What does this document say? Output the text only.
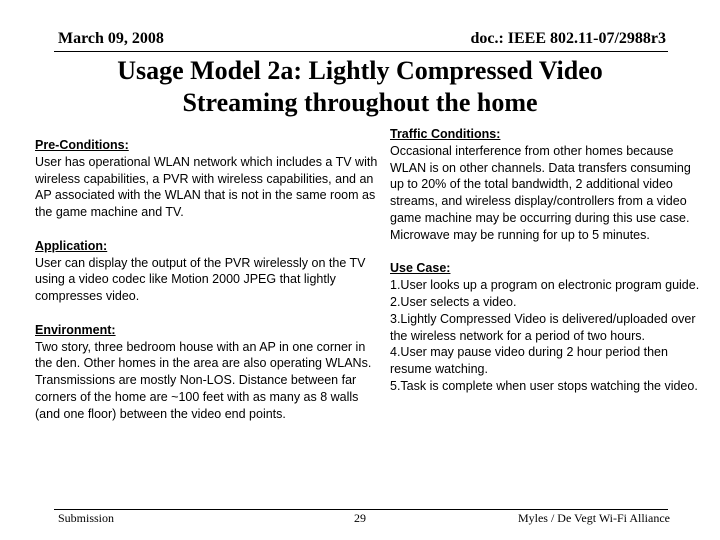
March 09, 2008	doc.: IEEE 802.11-07/2988r3
Usage Model 2a: Lightly Compressed Video
Streaming throughout the home
Pre-Conditions:
User has operational WLAN network which includes a TV with wireless capabilities, a PVR with wireless capabilities, and an AP associated with the WLAN that is not in the same room as the game machine and TV.
Application:
User can display the output of the PVR wirelessly on the TV using a video codec like Motion 2000 JPEG that lightly compresses video.
Environment:
Two story, three bedroom house with an AP in one corner in the den. Other homes in the area are also operating WLANs. Transmissions are mostly Non-LOS. Distance between far corners of the home are ~100 feet with as many as 8 walls (and one floor) between the video end points.
Traffic Conditions:
Occasional interference from other homes because WLAN is on other channels. Data transfers consuming up to 20% of the total bandwidth, 2 additional video streams, and wireless display/controllers from a video game machine may be occurring during this use case. Microwave may be running for up to 5 minutes.
Use Case:
1.User looks up a program on electronic program guide.
2.User selects a video.
3.Lightly Compressed Video is delivered/uploaded over the wireless network for a period of two hours.
4.User may pause video during 2 hour period then resume watching.
5.Task is complete when user stops watching the video.
Submission	29	Myles / De Vegt Wi-Fi Alliance
